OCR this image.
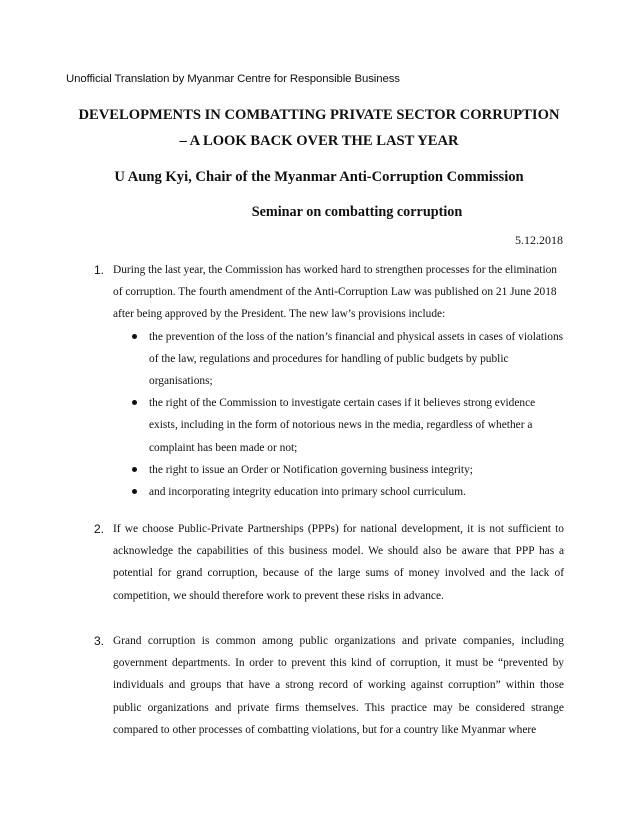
Unofficial Translation by Myanmar Centre for Responsible Business
DEVELOPMENTS IN COMBATTING PRIVATE SECTOR CORRUPTION
– A LOOK BACK OVER THE LAST YEAR
U Aung Kyi, Chair of the Myanmar Anti-Corruption Commission
Seminar on combatting corruption
5.12.2018
1. During the last year, the Commission has worked hard to strengthen processes for the elimination of corruption. The fourth amendment of the Anti-Corruption Law was published on 21 June 2018 after being approved by the President. The new law’s provisions include:
the prevention of the loss of the nation’s financial and physical assets in cases of violations of the law, regulations and procedures for handling of public budgets by public organisations;
the right of the Commission to investigate certain cases if it believes strong evidence exists, including in the form of notorious news in the media, regardless of whether a complaint has been made or not;
the right to issue an Order or Notification governing business integrity;
and incorporating integrity education into primary school curriculum.
2. If we choose Public-Private Partnerships (PPPs) for national development, it is not sufficient to acknowledge the capabilities of this business model. We should also be aware that PPP has a potential for grand corruption, because of the large sums of money involved and the lack of competition, we should therefore work to prevent these risks in advance.
3. Grand corruption is common among public organizations and private companies, including government departments. In order to prevent this kind of corruption, it must be “prevented by individuals and groups that have a strong record of working against corruption” within those public organizations and private firms themselves. This practice may be considered strange compared to other processes of combatting violations, but for a country like Myanmar where
